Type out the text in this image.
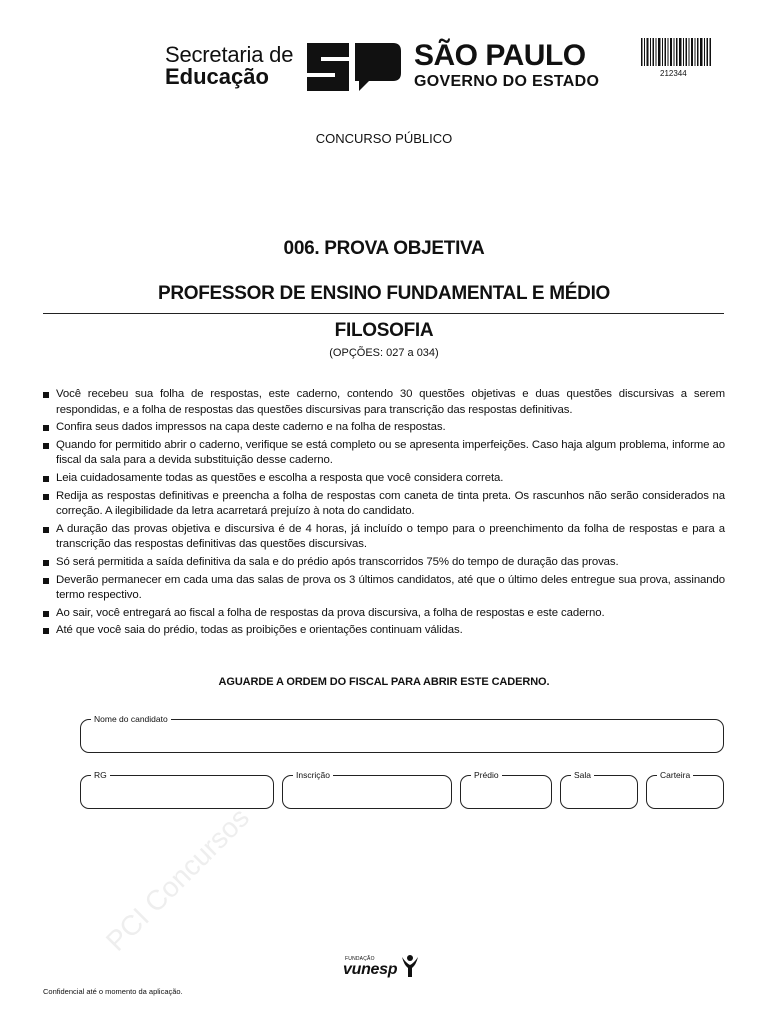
Secretaria de
Educação
SÃO PAULO
GOVERNO DO ESTADO	212344
CONCURSO PÚBLICO
006. PROVA OBJETIVA
PROFESSOR DE ENSINO FUNDAMENTAL E MÉDIO
FILOSOFIA
(OPÇÕES: 027 a 034)
Você recebeu sua folha de respostas, este caderno, contendo 30 questões objetivas e duas questões discursivas a serem respondidas, e a folha de respostas das questões discursivas para transcrição das respostas definitivas.
Confira seus dados impressos na capa deste caderno e na folha de respostas.
Quando for permitido abrir o caderno, verifique se está completo ou se apresenta imperfeições. Caso haja algum problema, informe ao fiscal da sala para a devida substituição desse caderno.
Leia cuidadosamente todas as questões e escolha a resposta que você considera correta.
Redija as respostas definitivas e preencha a folha de respostas com caneta de tinta preta. Os rascunhos não serão considerados na correção. A ilegibilidade da letra acarretará prejuízo à nota do candidato.
A duração das provas objetiva e discursiva é de 4 horas, já incluído o tempo para o preenchimento da folha de respostas e para a transcrição das respostas definitivas das questões discursivas.
Só será permitida a saída definitiva da sala e do prédio após transcorridos 75% do tempo de duração das provas.
Deverão permanecer em cada uma das salas de prova os 3 últimos candidatos, até que o último deles entregue sua prova, assinando termo respectivo.
Ao sair, você entregará ao fiscal a folha de respostas da prova discursiva, a folha de respostas e este caderno.
Até que você saia do prédio, todas as proibições e orientações continuam válidas.
AGUARDE A ORDEM DO FISCAL PARA ABRIR ESTE CADERNO.
Nome do candidato
RG	Inscrição	Prédio	Sala	Carteira
PCI Concursos
FUNDAÇÃO
vunesp
Confidencial até o momento da aplicação.
